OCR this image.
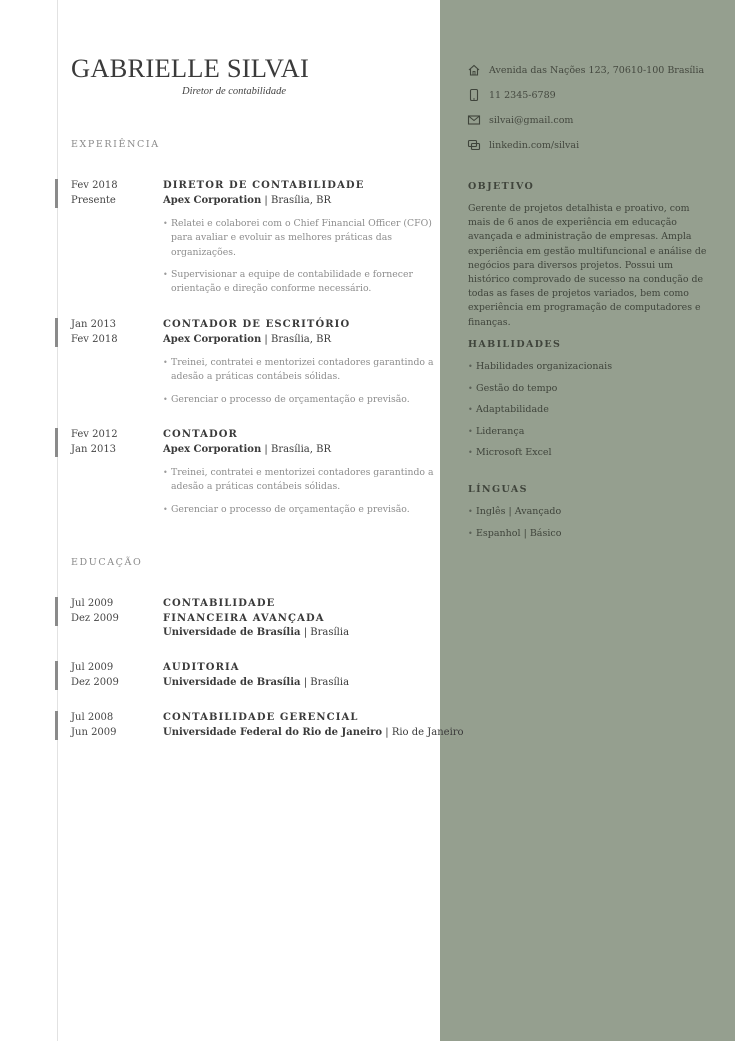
GABRIELLE SILVAI
Diretor de contabilidade
EXPERIÊNCIA
Fev 2018
Presente
DIRETOR DE CONTABILIDADE
Apex Corporation | Brasília, BR
• Relatei e colaborei com o Chief Financial Officer (CFO) para avaliar e evoluir as melhores práticas das organizações.
• Supervisionar a equipe de contabilidade e fornecer orientação e direção conforme necessário.
Jan 2013
Fev 2018
CONTADOR DE ESCRITÓRIO
Apex Corporation | Brasília, BR
• Treinei, contratei e mentorizei contadores garantindo a adesão a práticas contábeis sólidas.
• Gerenciar o processo de orçamentação e previsão.
Fev 2012
Jan 2013
CONTADOR
Apex Corporation | Brasília, BR
• Treinei, contratei e mentorizei contadores garantindo a adesão a práticas contábeis sólidas.
• Gerenciar o processo de orçamentação e previsão.
EDUCAÇÃO
Jul 2009
Dez 2009
CONTABILIDADE FINANCEIRA AVANÇADA
Universidade de Brasília | Brasília
Jul 2009
Dez 2009
AUDITORIA
Universidade de Brasília | Brasília
Jul 2008
Jun 2009
CONTABILIDADE GERENCIAL
Universidade Federal do Rio de Janeiro | Rio de Janeiro
Avenida das Nações 123, 70610-100 Brasília
11 2345-6789
silvai@gmail.com
linkedin.com/silvai
OBJETIVO
Gerente de projetos detalhista e proativo, com mais de 6 anos de experiência em educação avançada e administração de empresas. Ampla experiência em gestão multifuncional e análise de negócios para diversos projetos. Possui um histórico comprovado de sucesso na condução de todas as fases de projetos variados, bem como experiência em programação de computadores e finanças.
HABILIDADES
• Habilidades organizacionais
• Gestão do tempo
• Adaptabilidade
• Liderança
• Microsoft Excel
LÍNGUAS
• Inglês | Avançado
• Espanhol | Básico
